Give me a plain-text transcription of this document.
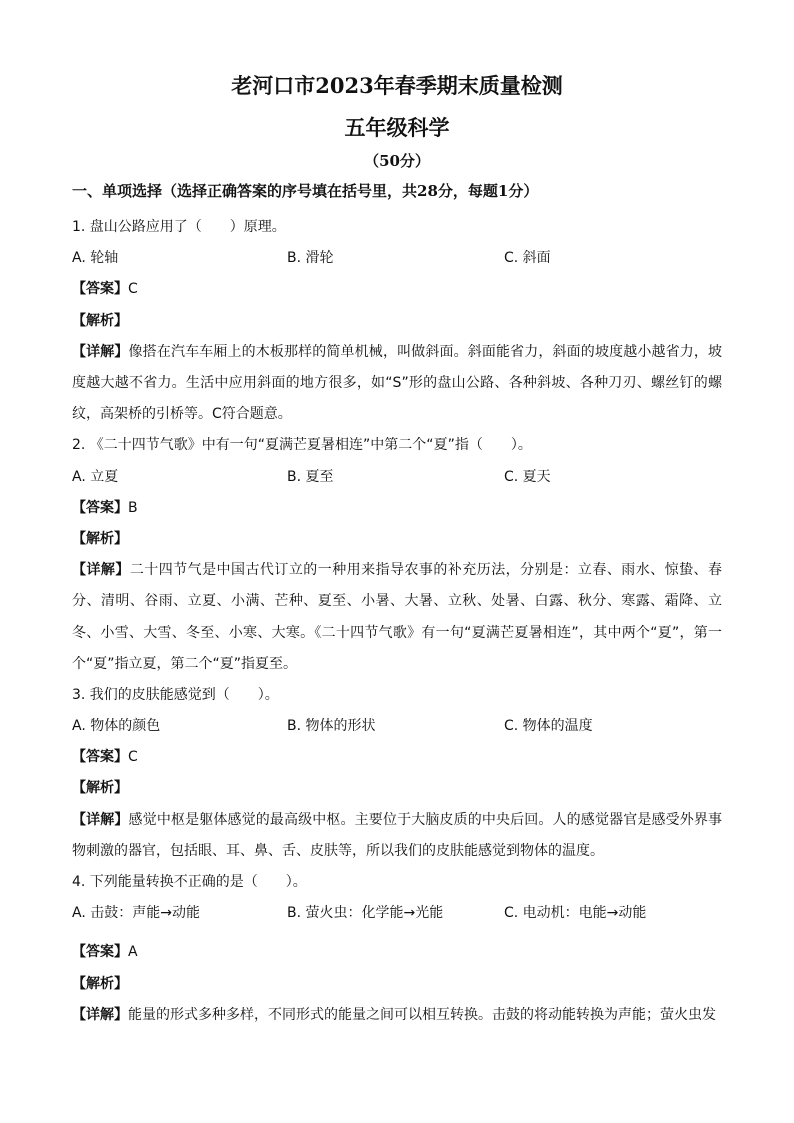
老河口市2023年春季期末质量检测
五年级科学
（50分）
一、单项选择（选择正确答案的序号填在括号里，共28分，每题1分）
1. 盘山公路应用了（　　）原理。
A. 轮轴	B. 滑轮	C. 斜面
【答案】C
【解析】
【详解】像搭在汽车车厢上的木板那样的简单机械，叫做斜面。斜面能省力，斜面的坡度越小越省力，坡度越大越不省力。生活中应用斜面的地方很多，如“S”形的盘山公路、各种斜坡、各种刀刃、螺丝钉的螺纹，高架桥的引桥等。C符合题意。
2. 《二十四节气歌》中有一句“夏满芒夏暑相连”中第二个“夏”指（　　）。
A. 立夏	B. 夏至	C. 夏天
【答案】B
【解析】
【详解】二十四节气是中国古代订立的一种用来指导农事的补充历法，分别是：立春、雨水、惊蛰、春分、清明、谷雨、立夏、小满、芒种、夏至、小暑、大暑、立秋、处暑、白露、秋分、寒露、霜降、立冬、小雪、大雪、冬至、小寒、大寒。《二十四节气歌》有一句“夏满芒夏暑相连”，其中两个“夏”，第一个“夏”指立夏，第二个“夏”指夏至。
3. 我们的皮肤能感觉到（　　）。
A. 物体的颜色	B. 物体的形状	C. 物体的温度
【答案】C
【解析】
【详解】感觉中枢是躯体感觉的最高级中枢。主要位于大脑皮质的中央后回。人的感觉器官是感受外界事物刺激的器官，包括眼、耳、鼻、舌、皮肤等，所以我们的皮肤能感觉到物体的温度。
4. 下列能量转换不正确的是（　　）。
A. 击鼓：声能→动能	B. 萤火虫：化学能→光能	C. 电动机：电能→动能
【答案】A
【解析】
【详解】能量的形式多种多样，不同形式的能量之间可以相互转换。击鼓的将动能转换为声能；萤火虫发
